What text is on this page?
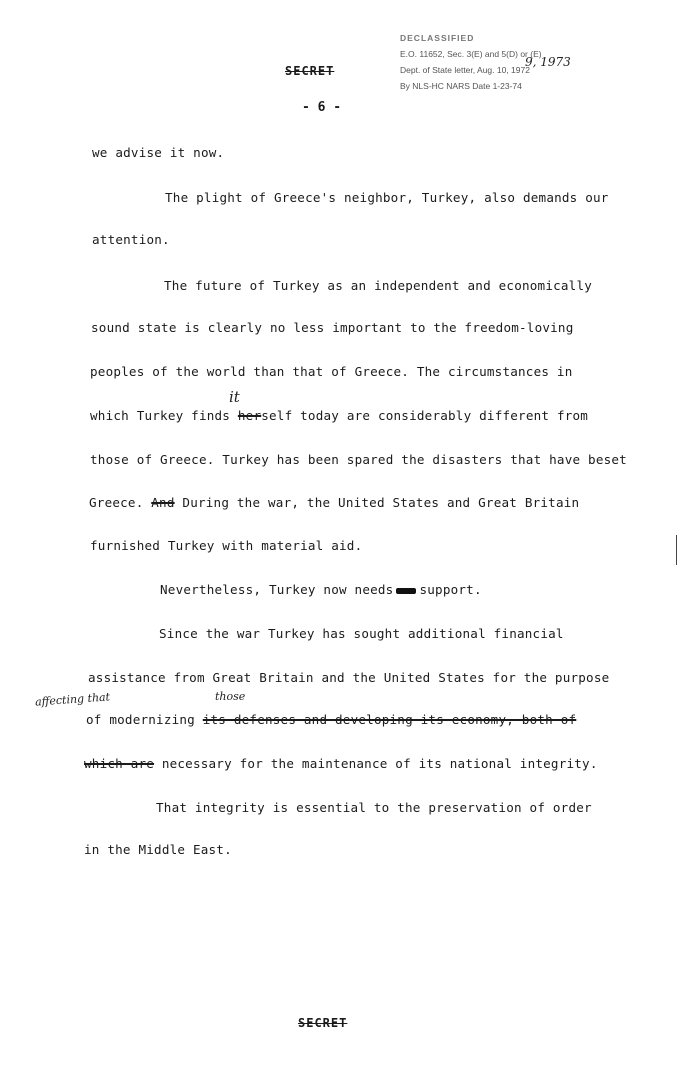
DECLASSIFIED
E.O. 11652, Sec. 3(E) and 5(D) or (E)
Dept. of State letter, Aug. 10, 1972
By NLS-HC NARS Date 1-23-74
9, 1973
SECRET
- 6 -
we advise it now.
The plight of Greece's neighbor, Turkey, also demands our
attention.
The future of Turkey as an independent and economically
sound state is clearly no less important to the freedom-loving
peoples of the world than that of Greece. The circumstances in
it
which Turkey finds herself today are considerably different from
those of Greece. Turkey has been spared the disasters that have beset
Greece. And During the war, the United States and Great Britain
furnished Turkey with material aid.
Nevertheless, Turkey now needs support.
Since the war Turkey has sought additional financial
assistance from Great Britain and the United States for the purpose
affecting that	those
of modernizing its defenses and developing its economy, both of
which are necessary for the maintenance of its national integrity.
That integrity is essential to the preservation of order
in the Middle East.
SECRET
